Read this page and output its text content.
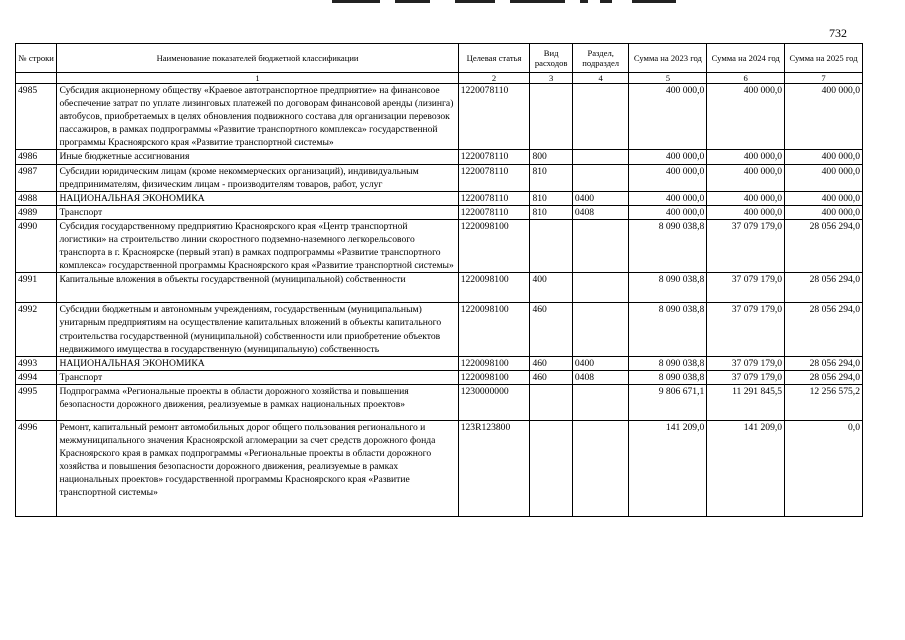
732
№ строки	Наименование показателей бюджетной классификации	Целевая статья	Вид расходов	Раздел, подраздел	Сумма на 2023 год	Сумма на 2024 год	Сумма на 2025 год
	1	2	3	4	5	6	7
4985	Субсидия акционерному обществу «Краевое автотранспортное предприятие» на финансовое обеспечение затрат по уплате лизинговых платежей по договорам финансовой аренды (лизинга) автобусов, приобретаемых в целях обновления подвижного состава для организации перевозок пассажиров, в рамках подпрограммы «Развитие транспортного комплекса» государственной программы Красноярского края «Развитие транспортной системы»	1220078110			400 000,0	400 000,0	400 000,0
4986	Иные бюджетные ассигнования	1220078110	800		400 000,0	400 000,0	400 000,0
4987	Субсидии юридическим лицам (кроме некоммерческих организаций), индивидуальным предпринимателям, физическим лицам - производителям товаров, работ, услуг	1220078110	810		400 000,0	400 000,0	400 000,0
4988	НАЦИОНАЛЬНАЯ ЭКОНОМИКА	1220078110	810	0400	400 000,0	400 000,0	400 000,0
4989	Транспорт	1220078110	810	0408	400 000,0	400 000,0	400 000,0
4990	Субсидия государственному предприятию Красноярского края «Центр транспортной логистики» на строительство линии скоростного подземно-наземного легкорельсового транспорта в г. Красноярске (первый этап) в рамках подпрограммы «Развитие транспортного комплекса» государственной программы Красноярского края «Развитие транспортной системы»	1220098100			8 090 038,8	37 079 179,0	28 056 294,0
4991	Капитальные вложения в объекты государственной (муниципальной) собственности	1220098100	400		8 090 038,8	37 079 179,0	28 056 294,0
4992	Субсидии бюджетным и автономным учреждениям, государственным (муниципальным) унитарным предприятиям на осуществление капитальных вложений в объекты капитального строительства государственной (муниципальной) собственности или приобретение объектов недвижимого имущества в государственную (муниципальную) собственность	1220098100	460		8 090 038,8	37 079 179,0	28 056 294,0
4993	НАЦИОНАЛЬНАЯ ЭКОНОМИКА	1220098100	460	0400	8 090 038,8	37 079 179,0	28 056 294,0
4994	Транспорт	1220098100	460	0408	8 090 038,8	37 079 179,0	28 056 294,0
4995	Подпрограмма «Региональные проекты в области дорожного хозяйства и повышения безопасности дорожного движения, реализуемые в рамках национальных проектов»	1230000000			9 806 671,1	11 291 845,5	12 256 575,2
4996	Ремонт, капитальный ремонт автомобильных дорог общего пользования регионального и межмуниципального значения Красноярской агломерации за счет средств дорожного фонда Красноярского края в рамках подпрограммы «Региональные проекты в области дорожного хозяйства и повышения безопасности дорожного движения, реализуемые в рамках национальных проектов» государственной программы Красноярского края «Развитие транспортной системы»	123R123800			141 209,0	141 209,0	0,0
